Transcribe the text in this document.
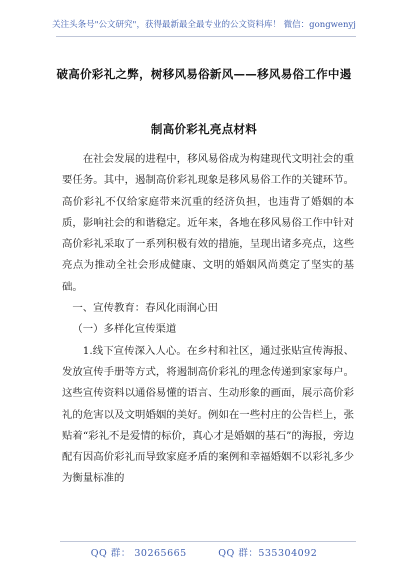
关注头条号"公文研究"，获得最新最全最专业的公文资料库！ 微信：gongwenyj
破高价彩礼之弊，树移风易俗新风——移风易俗工作中遏
制高价彩礼亮点材料

在社会发展的进程中，移风易俗成为构建现代文明社会的重要任务。其中，遏制高价彩礼现象是移风易俗工作的关键环节。高价彩礼不仅给家庭带来沉重的经济负担，也违背了婚姻的本质，影响社会的和谐稳定。近年来，各地在移风易俗工作中针对高价彩礼采取了一系列积极有效的措施，呈现出诸多亮点，这些亮点为推动全社会形成健康、文明的婚姻风尚奠定了坚实的基础。

一、宣传教育：春风化雨润心田

（一）多样化宣传渠道

1.线下宣传深入人心。在乡村和社区，通过张贴宣传海报、发放宣传手册等方式，将遏制高价彩礼的理念传递到家家每户。这些宣传资料以通俗易懂的语言、生动形象的画面，展示高价彩礼的危害以及文明婚姻的美好。例如在一些村庄的公告栏上，张贴着“彩礼不是爱情的标价，真心才是婚姻的基石”的海报，旁边配有因高价彩礼而导致家庭矛盾的案例和幸福婚姻不以彩礼多少为衡量标准的

QQ 群： 30265665	QQ 群：535304092
